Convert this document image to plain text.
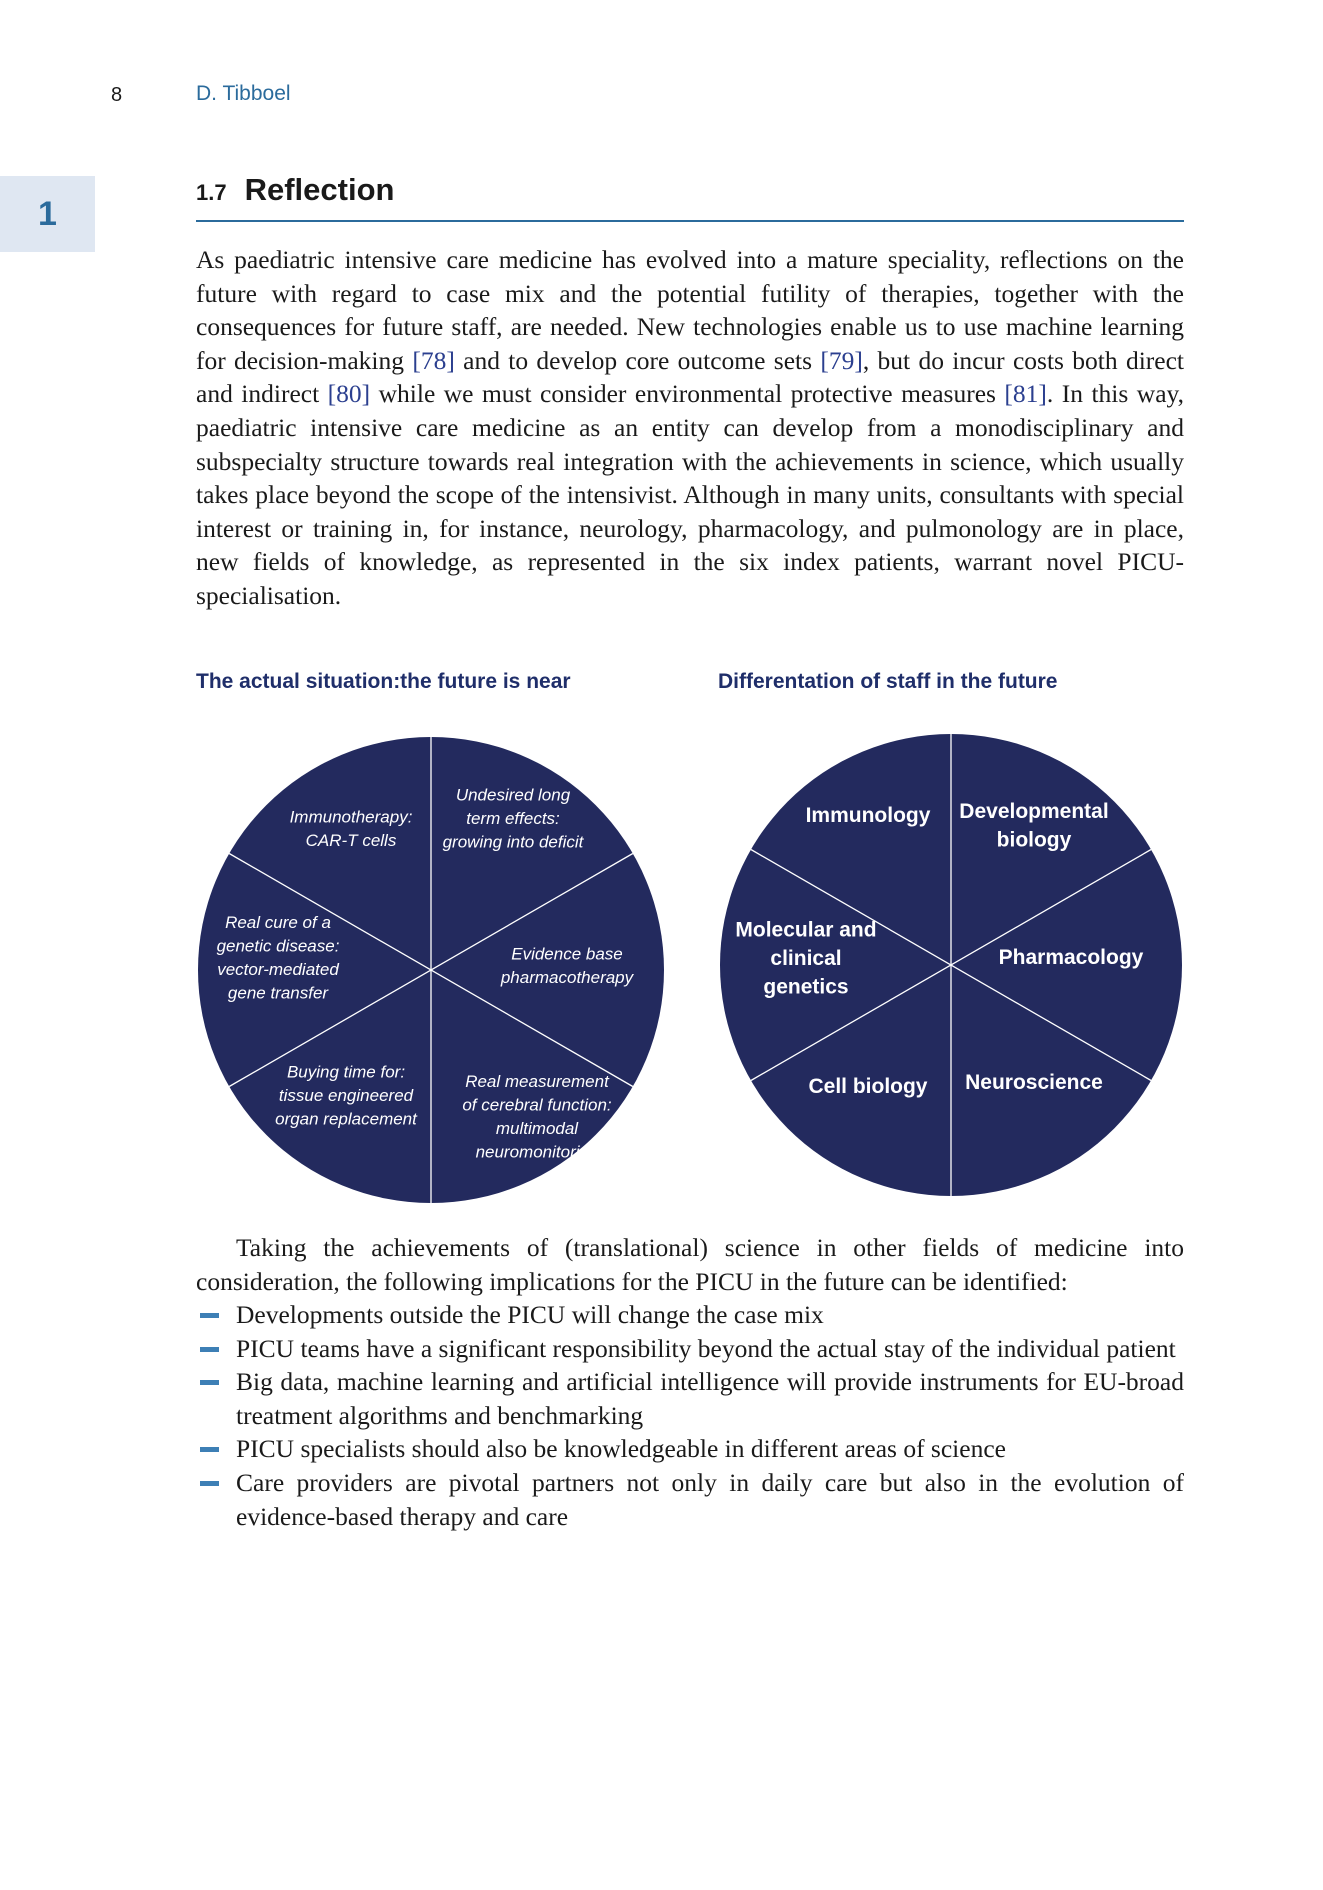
8	D. Tibboel
1
1.7 Reflection

As paediatric intensive care medicine has evolved into a mature speciality, reflections on the future with regard to case mix and the potential futility of therapies, together with the consequences for future staff, are needed. New technologies enable us to use machine learning for decision-making [78] and to develop core outcome sets [79], but do incur costs both direct and indirect [80] while we must consider environmental protective measures [81]. In this way, paediatric intensive care medicine as an entity can develop from a monodisciplinary and subspecialty structure towards real integration with the achievements in science, which usually takes place beyond the scope of the intensivist. Although in many units, consultants with special interest or training in, for instance, neurology, pharmacology, and pulmonology are in place, new fields of knowledge, as represented in the six index patients, warrant novel PICU-specialisation.

The actual situation:the future is near	Differentation of staff in the future
Immunotherapy: CAR-T cells
Undesired long term effects: growing into deficit
Evidence base pharmacotherapy
Real measurement of cerebral function: multimodal neuromonitoring
Buying time for: tissue engineered organ replacement
Real cure of a genetic disease: vector-mediated gene transfer
Immunology Developmental biology
Pharmacology
Neuroscience
Cell biology
Molecular and clinical genetics

Taking the achievements of (translational) science in other fields of medicine into consideration, the following implications for the PICU in the future can be identified:

Developments outside the PICU will change the case mix
PICU teams have a significant responsibility beyond the actual stay of the individual patient
Big data, machine learning and artificial intelligence will provide instruments for EU-broad treatment algorithms and benchmarking
PICU specialists should also be knowledgeable in different areas of science
Care providers are pivotal partners not only in daily care but also in the evolution of evidence-based therapy and care
